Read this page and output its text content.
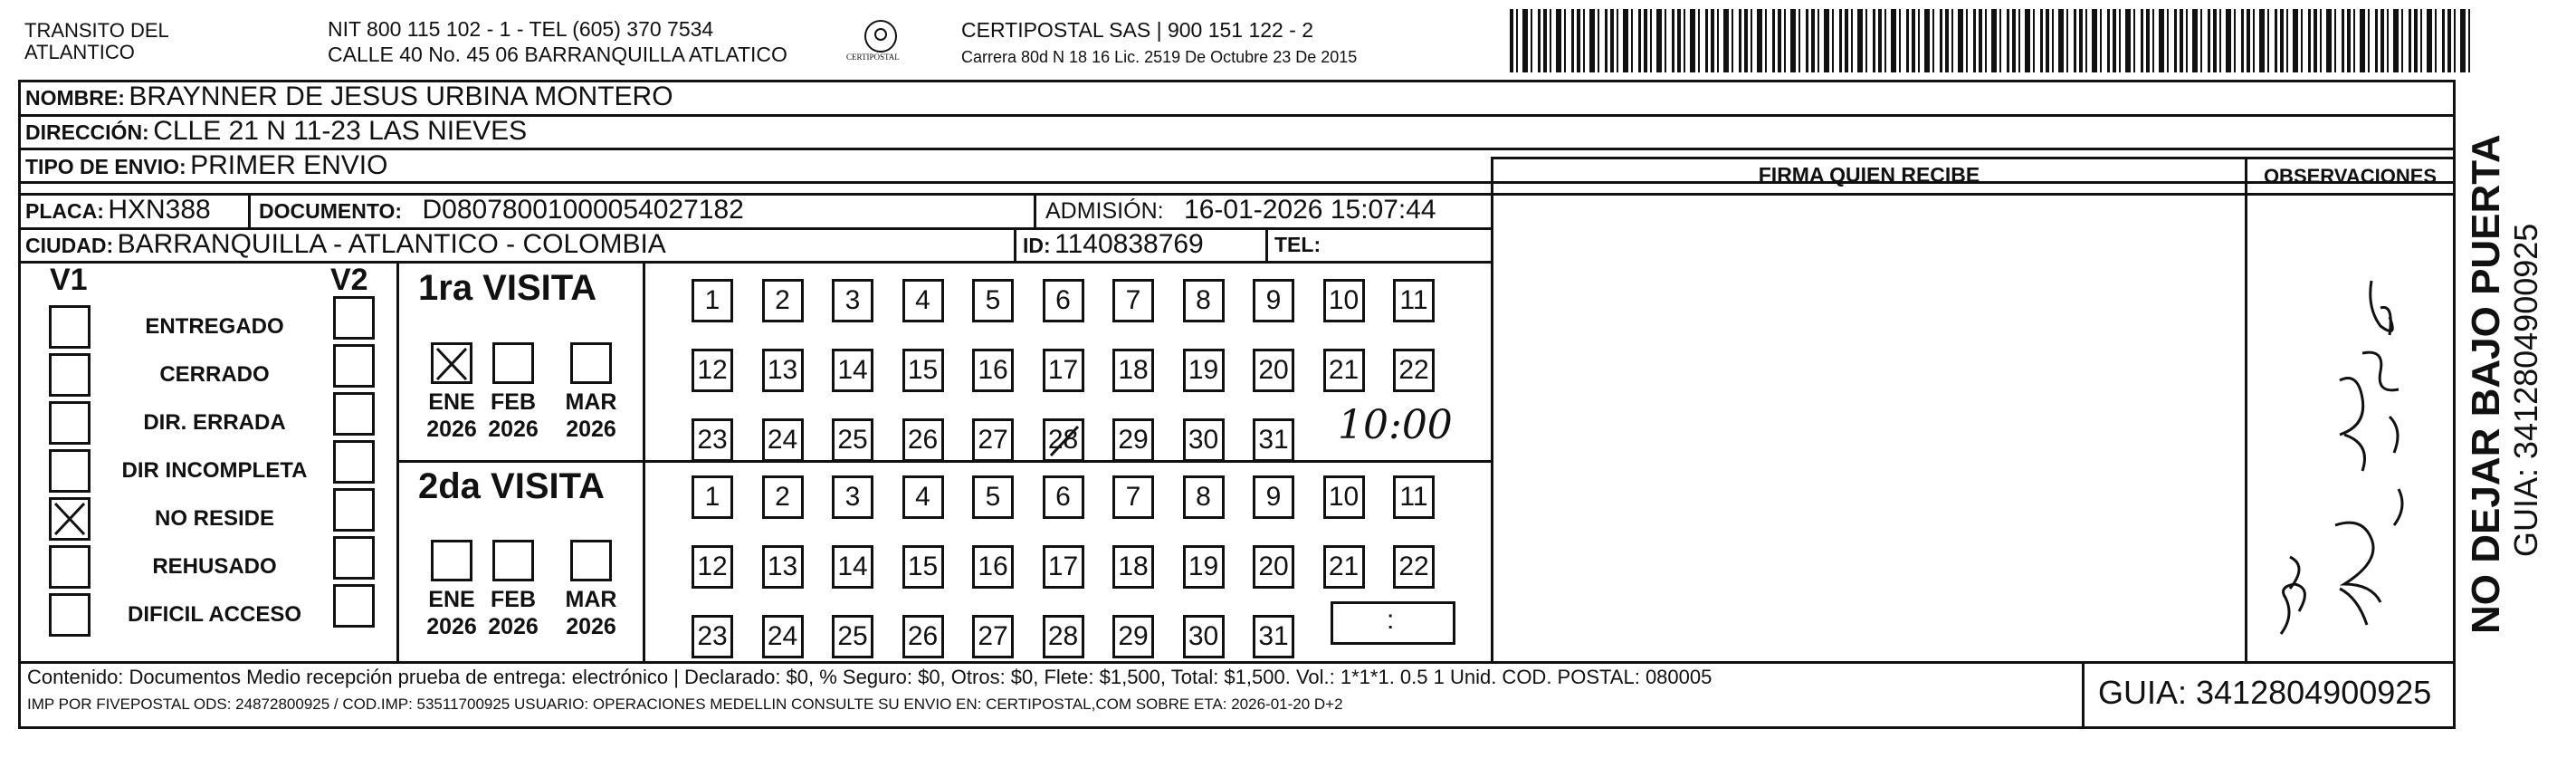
TRANSITO DEL
ATLANTICO
NIT 800 115 102 - 1 - TEL (605) 370 7534
CALLE 40 No. 45 06 BARRANQUILLA ATLATICO	CERTIPOSTAL
CERTIPOSTAL SAS | 900 151 122 - 2
Carrera 80d N 18 16 Lic. 2519 De Octubre 23 De 2015
NOMBRE: BRAYNNER DE JESUS URBINA MONTERO
DIRECCIÓN: CLLE 21 N 11-23 LAS NIEVES
TIPO DE ENVIO: PRIMER ENVIO
PLACA: HXN388 DOCUMENTO: D08078001000054027182	ADMISIÓN: 16-01-2026 15:07:44
CIUDAD: BARRANQUILLA - ATLANTICO - COLOMBIA	ID: 1140838769	TEL:
FIRMA QUIEN RECIBE	OBSERVACIONES
V1	V2
ENTREGADO
CERRADO
DIR. ERRADA
DIR INCOMPLETA
NO RESIDE
REHUSADO
DIFICIL ACCESO
1ra VISITA
ENE
2026
FEB
2026
MAR
2026
1	2	3	4	5	6	7	8	9	10 11
12 13 14 15 16 17 18 19 20 21 22
23 24 25 26 27 28 29 30 31 10:00
2da VISITA
ENE
2026
FEB
2026
MAR
2026
1	2	3	4	5	6	7	8	9	10 11
12 13 14 15 16 17 18 19 20 21 22
23 24 25 26 27 28 29 30 31
:
Contenido: Documentos Medio recepción prueba de entrega: electrónico | Declarado: $0, % Seguro: $0, Otros: $0, Flete: $1,500, Total: $1,500. Vol.: 1*1*1. 0.5 1 Unid. COD. POSTAL: 080005
IMP POR FIVEPOSTAL ODS: 24872800925 / COD.IMP: 53511700925 USUARIO: OPERACIONES MEDELLIN CONSULTE SU ENVIO EN: CERTIPOSTAL,COM SOBRE ETA: 2026-01-20 D+2	GUIA: 3412804900925
NO DEJAR BAJO PUERTA GUIA: 3412804900925
